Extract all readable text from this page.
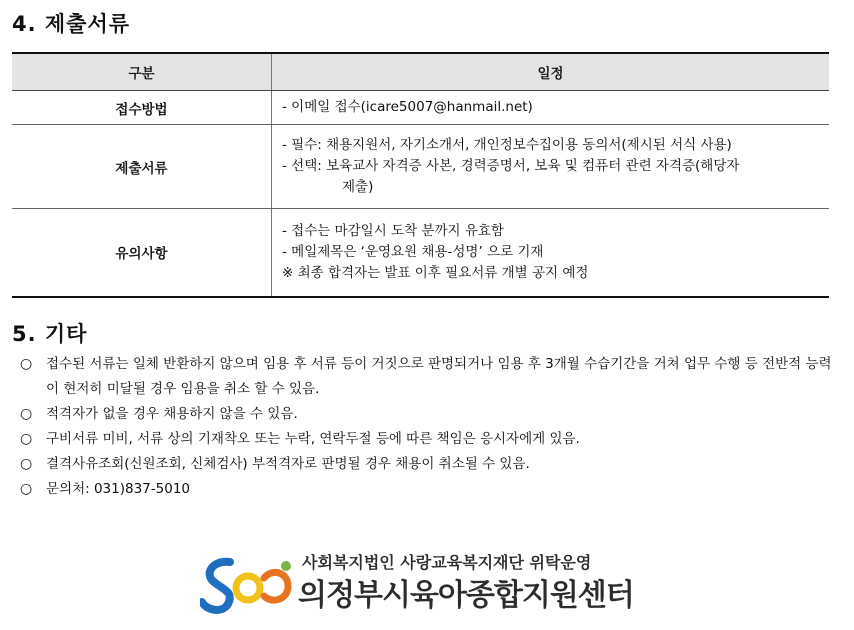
4. 제출서류
구분	일정
접수방법	- 이메일 접수(icare5007@hanmail.net)

제출서류	- 필수: 채용지원서, 자기소개서, 개인정보수집이용 동의서(제시된 서식 사용)
- 선택: 보육교사 자격증 사본, 경력증명서, 보육 및 컴퓨터 관련 자격증(해당자
제출)

유의사항	- 접수는 마감일시 도착 분까지 유효함
- 메일제목은 ‘운영요원 채용-성명’ 으로 기재
※ 최종 합격자는 발표 이후 필요서류 개별 공지 예정
5. 기타
○ 접수된 서류는 일체 반환하지 않으며 임용 후 서류 등이 거짓으로 판명되거나 임용 후 3개월 수습기간을 거쳐 업무 수행 등 전반적 능력이 현저히 미달될 경우 임용을 취소 할 수 있음.
○ 적격자가 없을 경우 채용하지 않을 수 있음.
○ 구비서류 미비, 서류 상의 기재착오 또는 누락, 연락두절 등에 따른 책임은 응시자에게 있음.
○ 결격사유조회(신원조회, 신체검사) 부적격자로 판명될 경우 채용이 취소될 수 있음.
○ 문의처: 031)837-5010
사회복지법인 사랑교육복지재단 위탁운영
의정부시육아종합지원센터
